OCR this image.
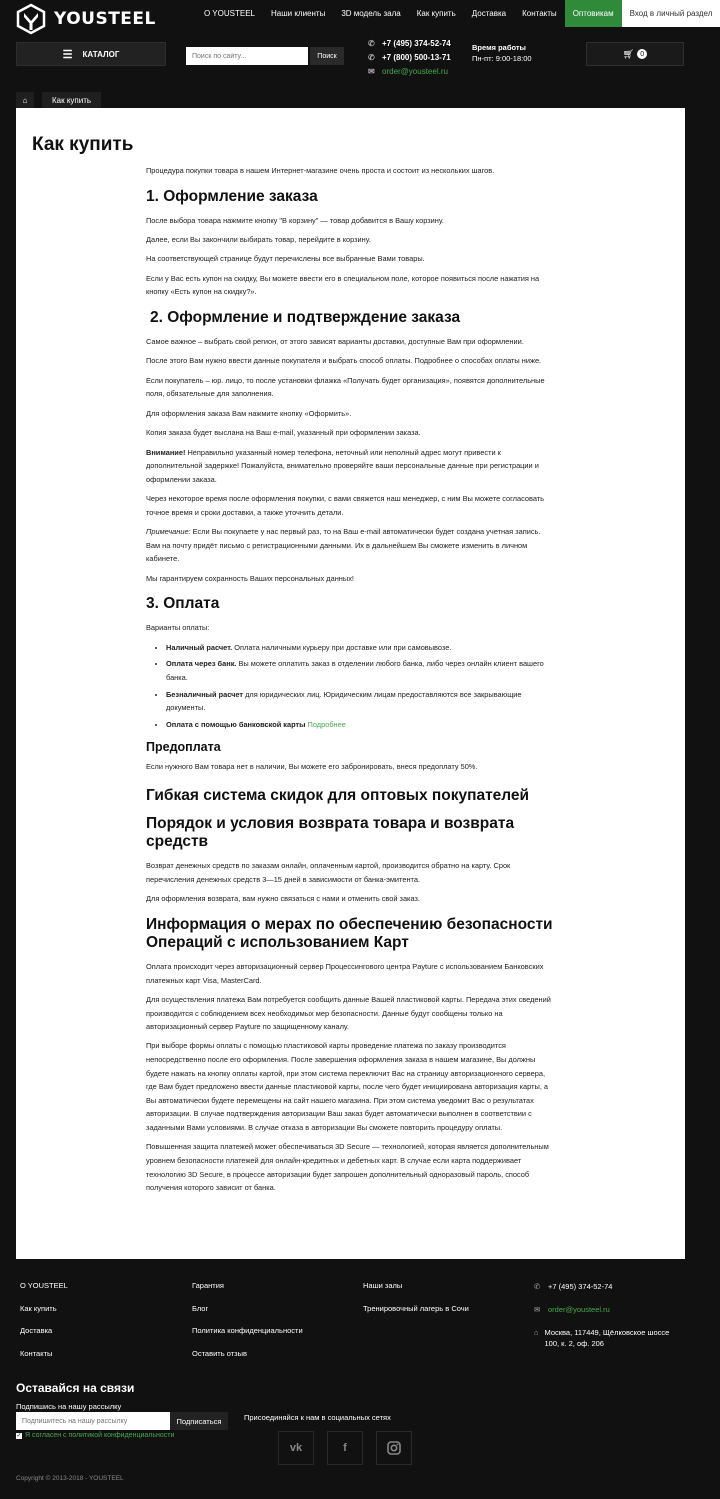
YOUSTEEL	O YOUSTEEL	Наши клиенты	3D модель зала	Как купить	Доставка	Контакты	Оптовикам	Вход в личный раздел
☰ КАТАЛОГ
Поиск по сайту...	Поиск
✆ +7 (495) 374-52-74
✆ +7 (800) 500-13-71
✉ order@yousteel.ru
Время работы
Пн-пт: 9:00-18:00	🛒︎ 0
⌂	Как купить
Как купить

Процедура покупки товара в нашем Интернет-магазине очень проста и состоит из нескольких шагов.

1. Оформление заказа

После выбора товара нажмите кнопку "В корзину" — товар добавится в Вашу корзину.

Далее, если Вы закончили выбирать товар, перейдите в корзину.

На соответствующей странице будут перечислены все выбранные Вами товары.

Если у Вас есть купон на скидку, Вы можете ввести его в специальном поле, которое появиться после нажатия на кнопку «Есть купон на скидку?».

2. Оформление и подтверждение заказа

Самое важное – выбрать свой регион, от этого зависят варианты доставки, доступные Вам при оформлении.

После этого Вам нужно ввести данные покупателя и выбрать способ оплаты. Подробнее о способах оплаты ниже.

Если покупатель – юр. лицо, то после установки флажка «Получать будет организация», появятся дополнительные поля, обязательные для заполнения.

Для оформления заказа Вам нажмите кнопку «Оформить».

Копия заказа будет выслана на Ваш e-mail, указанный при оформлении заказа.

Внимание! Неправильно указанный номер телефона, неточный или неполный адрес могут привести к дополнительной задержке! Пожалуйста, внимательно проверяйте ваши персональные данные при регистрации и оформлении заказа.

Через некоторое время после оформления покупки, с вами свяжется наш менеджер, с ним Вы можете согласовать точное время и сроки доставки, а также уточнить детали.

Примечание: Если Вы покупаете у нас первый раз, то на Ваш e-mail автоматически будет создана учетная запись. Вам на почту придёт письмо с регистрационными данными. Их в дальнейшем Вы сможете изменить в личном кабинете.

Мы гарантируем сохранность Ваших персональных данных!

3. Оплата

Варианты оплаты:

• Наличный расчет. Оплата наличными курьеру при доставке или при самовывозе.
• Оплата через банк. Вы можете оплатить заказ в отделении любого банка, либо через онлайн клиент вашего банка.
• Безналичный расчет для юридических лиц. Юридическим лицам предоставляются все закрывающие документы.
• Оплата с помощью банковской карты Подробнее
Предоплата

Если нужного Вам товара нет в наличии, Вы можете его забронировать, внеся предоплату 50%.

Гибкая система скидок для оптовых покупателей
Порядок и условия возврата товара и возврата средств

Возврат денежных средств по заказам онлайн, оплаченным картой, производится обратно на карту. Срок перечисления денежных средств 3—15 дней в зависимости от банка-эмитента.

Для оформления возврата, вам нужно связаться с нами и отменить свой заказ.

Информация о мерах по обеспечению безопасности Операций с использованием Карт

Оплата происходит через авторизационный сервер Процессингового центра Payture с использованием Банковских платежных карт Visa, MasterCard.

Для осуществления платежа Вам потребуется сообщить данные Вашей пластиковой карты. Передача этих сведений производится с соблюдением всех необходимых мер безопасности. Данные будут сообщены только на авторизационный сервер Payture по защищенному каналу.

При выборе формы оплаты с помощью пластиковой карты проведение платежа по заказу производится непосредственно после его оформления. После завершения оформления заказа в нашем магазине, Вы должны будете нажать на кнопку оплаты картой, при этом система переключит Вас на страницу авторизационного сервера, где Вам будет предложено ввести данные пластиковой карты, после чего будет инициирована авторизация карты, а Вы автоматически будете перемещены на сайт нашего магазина. При этом система уведомит Вас о результатах авторизации. В случае подтверждения авторизации Ваш заказ будет автоматически выполнен в соответствии с заданными Вами условиями. В случае отказа в авторизации Вы сможете повторить процедуру оплаты.

Повышенная защита платежей может обеспечиваться 3D Secure — технологией, которая является дополнительным уровнем безопасности платежей для онлайн-кредитных и дебетных карт. В случае если карта поддерживает технологию 3D Secure, в процессе авторизации будет запрошен дополнительный одноразовый пароль, способ получения которого зависит от банка.

O YOUSTEEL
Как купить
Доставка
Контакты
Гарантия
Блог
Политика конфиденциальности
Оставить отзыв
Наши залы
Тренировочный лагерь в Сочи
✆	+7 (495) 374-52-74
✉	order@yousteel.ru
⌂ Москва, 117449, Щёлковское шоссе 100, к. 2, оф. 206
Оставайся на связи
Подпишись на нашу рассылку
Подпишитесь на нашу рассылку
Подписаться
✓ Я согласен с политикой конфиденциальности
Присоединяйся к нам в социальных сетях
vk	f
Copyright © 2013-2018 - YOUSTEEL
